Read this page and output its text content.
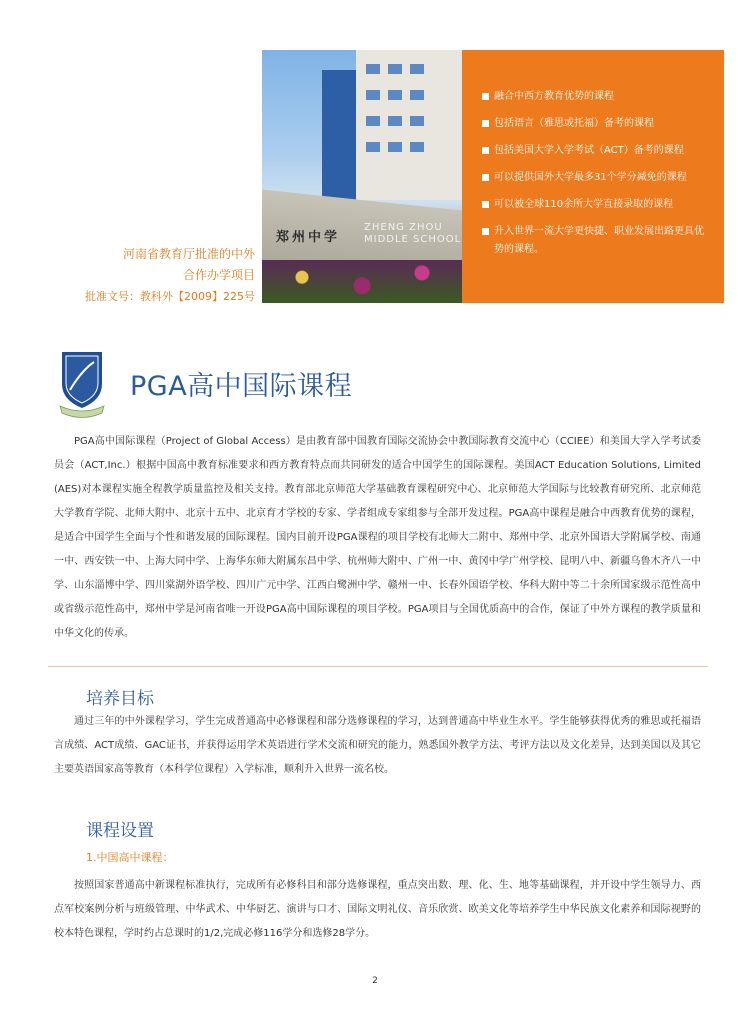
郑州中学
ZHENG ZHOU
MIDDLE SCHOOL
融合中西方教育优势的课程
包括语言（雅思或托福）备考的课程
包括美国大学入学考试（ACT）备考的课程
可以提供国外大学最多31个学分减免的课程
可以被全球110余所大学直接录取的课程
升入世界一流大学更快捷、职业发展出路更具优势的课程。
河南省教育厅批准的中外
合作办学项目
批准文号：教科外【2009】225号
PGA高中国际课程

PGA高中国际课程（Project of Global Access）是由教育部中国教育国际交流协会中教国际教育交流中心（CCIEE）和美国大学入学考试委员会（ACT,Inc.）根据中国高中教育标准要求和西方教育特点而共同研发的适合中国学生的国际课程。美国ACT Education Solutions, Limited (AES)对本课程实施全程教学质量监控及相关支持。教育部北京师范大学基础教育课程研究中心、北京师范大学国际与比较教育研究所、北京师范大学教育学院、北师大附中、北京十五中、北京育才学校的专家、学者组成专家组参与全部开发过程。PGA高中课程是融合中西教育优势的课程，是适合中国学生全面与个性和谐发展的国际课程。国内目前开设PGA课程的项目学校有北师大二附中、郑州中学、北京外国语大学附属学校、南通一中、西安铁一中、上海大同中学、上海华东师大附属东昌中学、杭州师大附中、广州一中、黄冈中学广州学校、昆明八中、新疆乌鲁木齐八一中学、山东淄博中学、四川棠湖外语学校、四川广元中学、江西白鹭洲中学、赣州一中、长春外国语学校、华科大附中等二十余所国家级示范性高中或省级示范性高中，郑州中学是河南省唯一开设PGA高中国际课程的项目学校。PGA项目与全国优质高中的合作，保证了中外方课程的教学质量和中华文化的传承。

培养目标

通过三年的中外课程学习，学生完成普通高中必修课程和部分选修课程的学习，达到普通高中毕业生水平。学生能够获得优秀的雅思或托福语言成绩、ACT成绩、GAC证书，并获得运用学术英语进行学术交流和研究的能力，熟悉国外教学方法、考评方法以及文化差异，达到美国以及其它主要英语国家高等教育（本科学位课程）入学标准，顺利升入世界一流名校。

课程设置
1.中国高中课程：

按照国家普通高中新课程标准执行，完成所有必修科目和部分选修课程，重点突出数、理、化、生、地等基础课程，并开设中学生领导力、西点军校案例分析与班级管理、中华武术、中华厨艺、演讲与口才、国际文明礼仪、音乐欣赏、欧美文化等培养学生中华民族文化素养和国际视野的校本特色课程，学时约占总课时的1/2,完成必修116学分和选修28学分。

2
